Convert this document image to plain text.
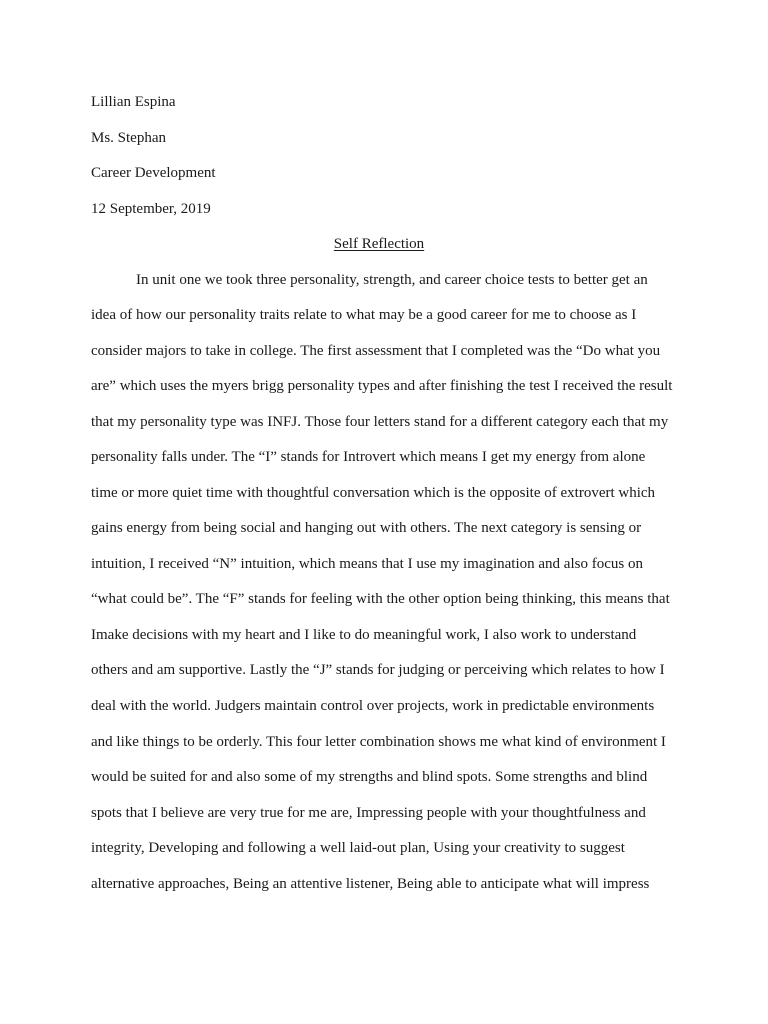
Lillian Espina
Ms. Stephan
Career Development
12 September, 2019
Self Reflection
In unit one we took three personality, strength, and career choice tests to better get an
idea of how our personality traits relate to what may be a good career for me to choose as I
consider majors to take in college. The first assessment that I completed was the “Do what you
are” which uses the myers brigg personality types and after finishing the test I received the result
that my personality type was INFJ. Those four letters stand for a different category each that my
personality falls under. The “I” stands for Introvert which means I get my energy from alone
time or more quiet time with thoughtful conversation which is the opposite of extrovert which
gains energy from being social and hanging out with others. The next category is sensing or
intuition, I received “N” intuition, which means that I use my imagination and also focus on
“what could be”. The “F” stands for feeling with the other option being thinking, this means that
Imake decisions with my heart and I like to do meaningful work, I also work to understand
others and am supportive. Lastly the “J” stands for judging or perceiving which relates to how I
deal with the world. Judgers maintain control over projects, work in predictable environments
and like things to be orderly. This four letter combination shows me what kind of environment I
would be suited for and also some of my strengths and blind spots. Some strengths and blind
spots that I believe are very true for me are, Impressing people with your thoughtfulness and
integrity, Developing and following a well laid-out plan, Using your creativity to suggest
alternative approaches, Being an attentive listener, Being able to anticipate what will impress
